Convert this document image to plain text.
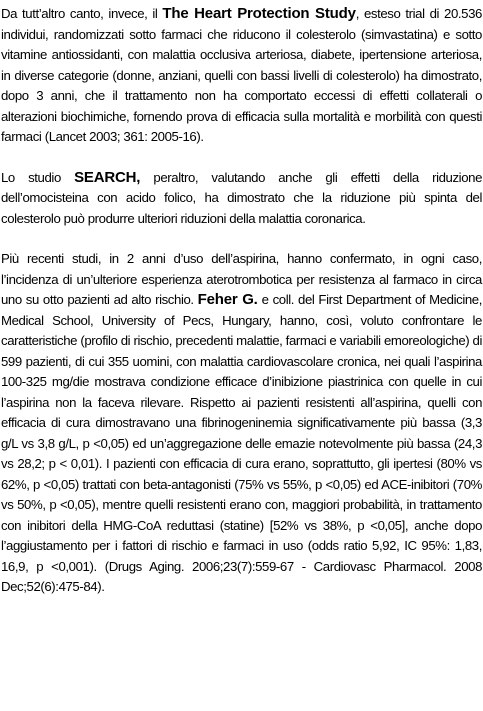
Da tutt’altro canto, invece, il The Heart Protection Study, esteso trial di 20.536 individui, randomizzati sotto farmaci che riducono il colesterolo (simvastatina) e sotto vitamine antiossidanti, con malattia occlusiva arteriosa, diabete, ipertensione arteriosa, in diverse categorie (donne, anziani, quelli con bassi livelli di colesterolo) ha dimostrato, dopo 3 anni, che il trattamento non ha comportato eccessi di effetti collaterali o alterazioni biochimiche, fornendo prova di efficacia sulla mortalità e morbilità con questi farmaci (Lancet 2003; 361: 2005-16).

Lo studio SEARCH, peraltro, valutando anche gli effetti della riduzione dell’omocisteina con acido folico, ha dimostrato che la riduzione più spinta del colesterolo può produrre ulteriori riduzioni della malattia coronarica.

Più recenti studi, in 2 anni d’uso dell’aspirina, hanno confermato, in ogni caso, l’incidenza di un’ulteriore esperienza aterotrombotica per resistenza al farmaco in circa uno su otto pazienti ad alto rischio. Feher G. e coll. del First Department of Medicine, Medical School, University of Pecs, Hungary, hanno, così, voluto confrontare le caratteristiche (profilo di rischio, precedenti malattie, farmaci e variabili emoreologiche) di 599 pazienti, di cui 355 uomini, con malattia cardiovascolare cronica, nei quali l’aspirina 100-325 mg/die mostrava condizione efficace d’inibizione piastrinica con quelle in cui l’aspirina non la faceva rilevare. Rispetto ai pazienti resistenti all’aspirina, quelli con efficacia di cura dimostravano una fibrinogeninemia significativamente più bassa (3,3 g/L vs 3,8 g/L, p <0,05) ed un’aggregazione delle emazie notevolmente più bassa (24,3 vs 28,2; p < 0,01). I pazienti con efficacia di cura erano, soprattutto, gli ipertesi (80% vs 62%, p <0,05) trattati con beta-antagonisti (75% vs 55%, p <0,05) ed ACE-inibitori (70% vs 50%, p <0,05), mentre quelli resistenti erano con, maggiori probabilità, in trattamento con inibitori della HMG-CoA reduttasi (statine) [52% vs 38%, p <0,05], anche dopo l’aggiustamento per i fattori di rischio e farmaci in uso (odds ratio 5,92, IC 95%: 1,83, 16,9, p <0,001). (Drugs Aging. 2006;23(7):559-67 - Cardiovasc Pharmacol. 2008 Dec;52(6):475-84).
